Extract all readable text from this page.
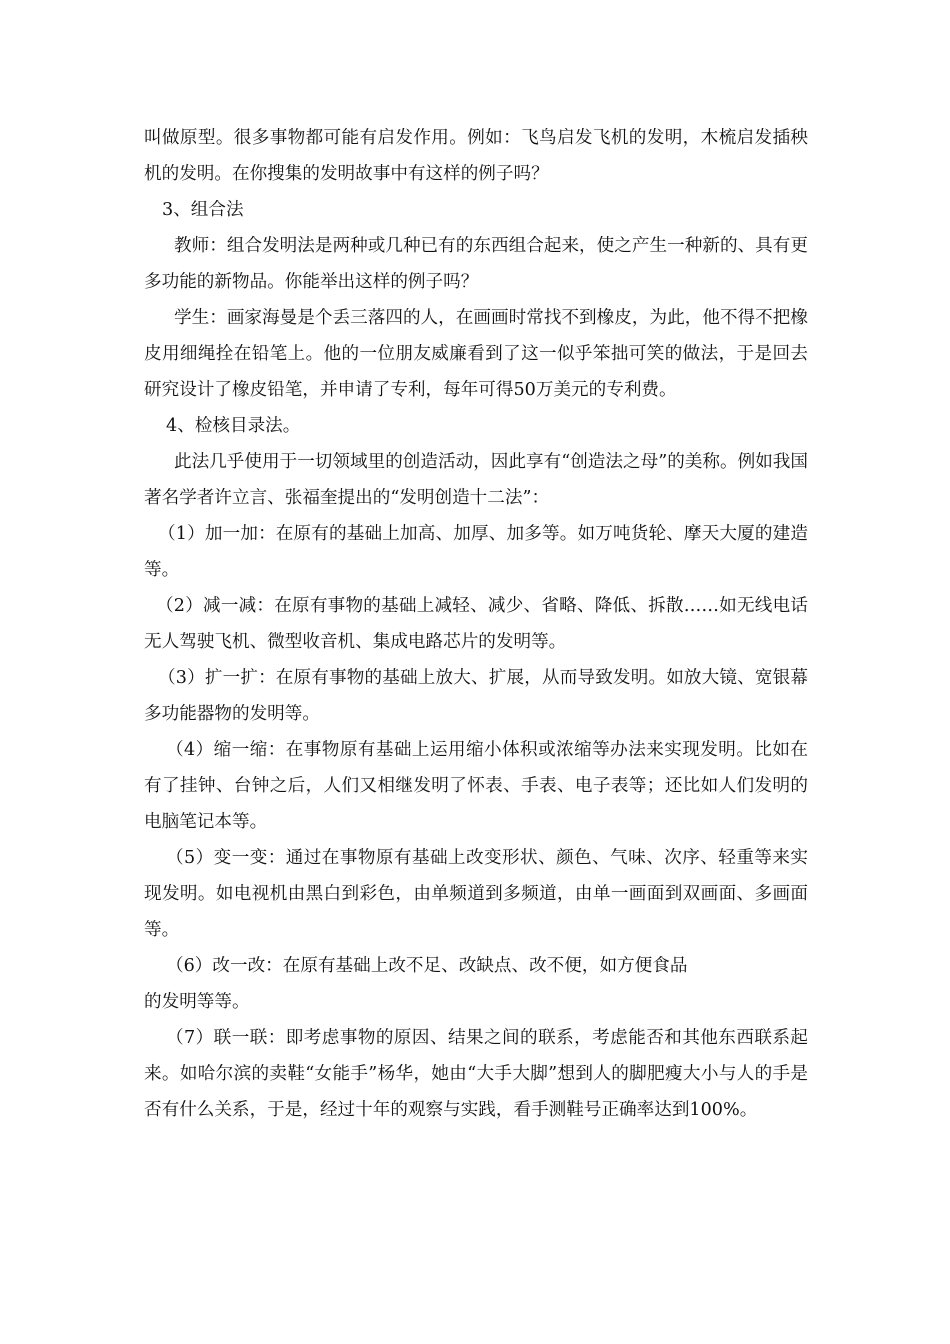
叫做原型。很多事物都可能有启发作用。例如：飞鸟启发飞机的发明，木梳启发插秧机的发明。在你搜集的发明故事中有这样的例子吗？

3、组合法

教师：组合发明法是两种或几种已有的东西组合起来，使之产生一种新的、具有更多功能的新物品。你能举出这样的例子吗？

学生：画家海曼是个丢三落四的人，在画画时常找不到橡皮，为此，他不得不把橡皮用细绳拴在铅笔上。他的一位朋友威廉看到了这一似乎笨拙可笑的做法，于是回去研究设计了橡皮铅笔，并申请了专利，每年可得50万美元的专利费。

4、检核目录法。

此法几乎使用于一切领域里的创造活动，因此享有“创造法之母”的美称。例如我国著名学者许立言、张福奎提出的“发明创造十二法”：

（1）加一加：在原有的基础上加高、加厚、加多等。如万吨货轮、摩天大厦的建造等。

（2）减一减：在原有事物的基础上减轻、减少、省略、降低、拆散……如无线电话无人驾驶飞机、微型收音机、集成电路芯片的发明等。

（3）扩一扩：在原有事物的基础上放大、扩展，从而导致发明。如放大镜、宽银幕多功能器物的发明等。

（4）缩一缩：在事物原有基础上运用缩小体积或浓缩等办法来实现发明。比如在有了挂钟、台钟之后，人们又相继发明了怀表、手表、电子表等；还比如人们发明的电脑笔记本等。

（5）变一变：通过在事物原有基础上改变形状、颜色、气味、次序、轻重等来实现发明。如电视机由黑白到彩色，由单频道到多频道，由单一画面到双画面、多画面等。

（6）改一改：在原有基础上改不足、改缺点、改不便，如方便食品

的发明等等。

（7）联一联：即考虑事物的原因、结果之间的联系，考虑能否和其他东西联系起来。如哈尔滨的卖鞋“女能手”杨华，她由“大手大脚”想到人的脚肥瘦大小与人的手是否有什么关系，于是，经过十年的观察与实践，看手测鞋号正确率达到100%。
